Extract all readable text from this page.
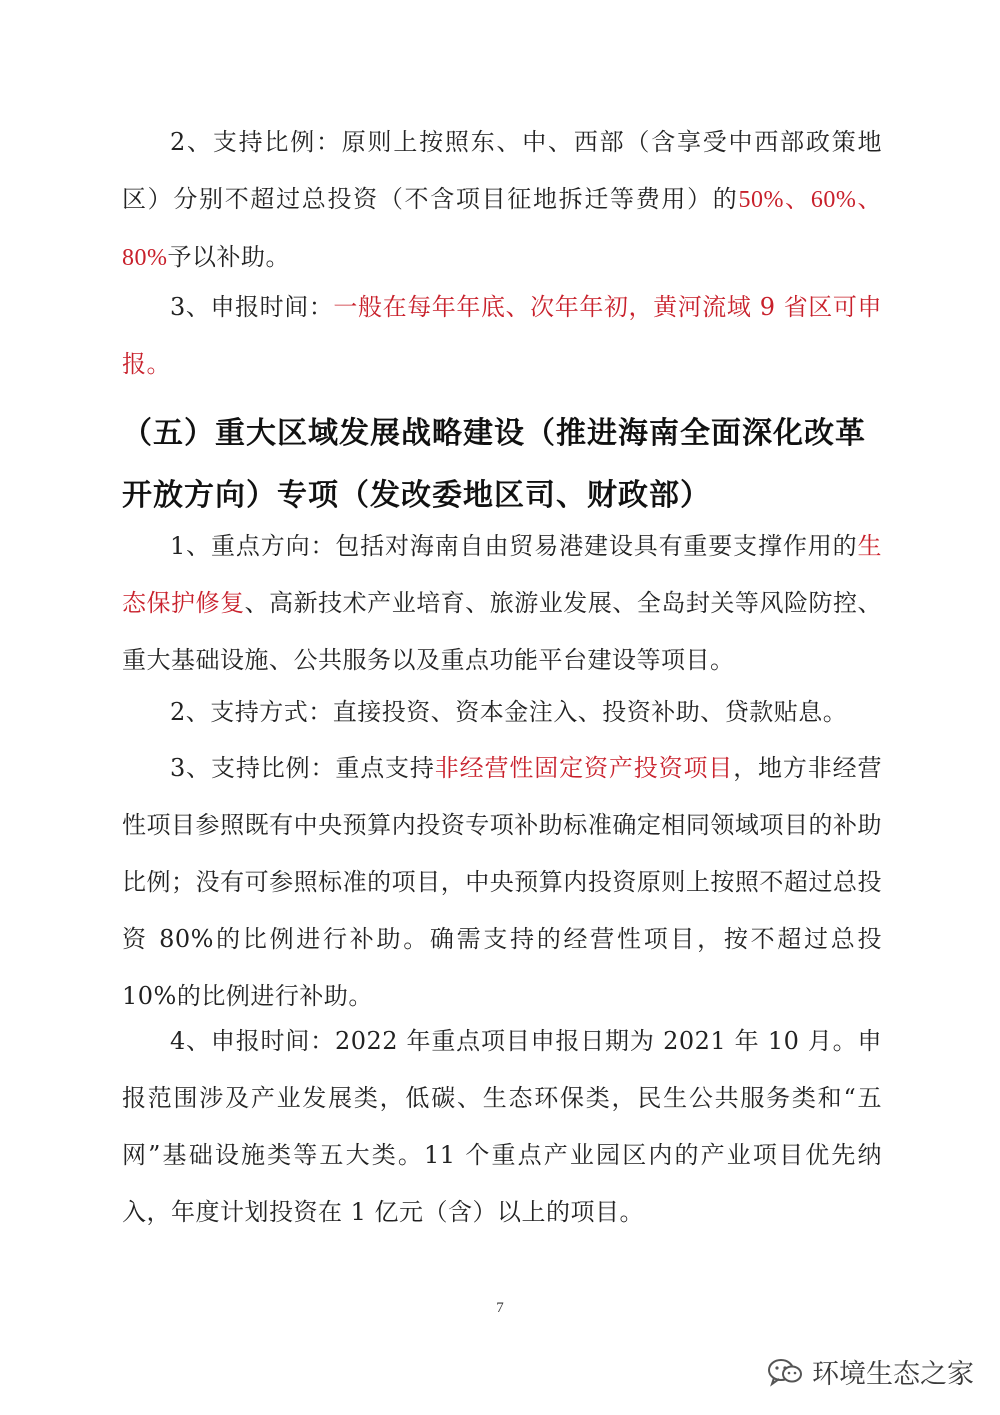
2、支持比例：原则上按照东、中、西部（含享受中西部政策地区）分别不超过总投资（不含项目征地拆迁等费用）的50%、60%、80%予以补助。

3、申报时间：一般在每年年底、次年年初，黄河流域 9 省区可申报。

（五）重大区域发展战略建设（推进海南全面深化改革开放方向）专项（发改委地区司、财政部）

1、重点方向：包括对海南自由贸易港建设具有重要支撑作用的生态保护修复、高新技术产业培育、旅游业发展、全岛封关等风险防控、重大基础设施、公共服务以及重点功能平台建设等项目。

2、支持方式：直接投资、资本金注入、投资补助、贷款贴息。

3、支持比例：重点支持非经营性固定资产投资项目，地方非经营性项目参照既有中央预算内投资专项补助标准确定相同领域项目的补助比例；没有可参照标准的项目，中央预算内投资原则上按照不超过总投资 80%的比例进行补助。确需支持的经营性项目，按不超过总投 10%的比例进行补助。

4、申报时间：2022 年重点项目申报日期为 2021 年 10 月。申报范围涉及产业发展类，低碳、生态环保类，民生公共服务类和“五网”基础设施类等五大类。11 个重点产业园区内的产业项目优先纳入，年度计划投资在 1 亿元（含）以上的项目。

7
环境生态之家
